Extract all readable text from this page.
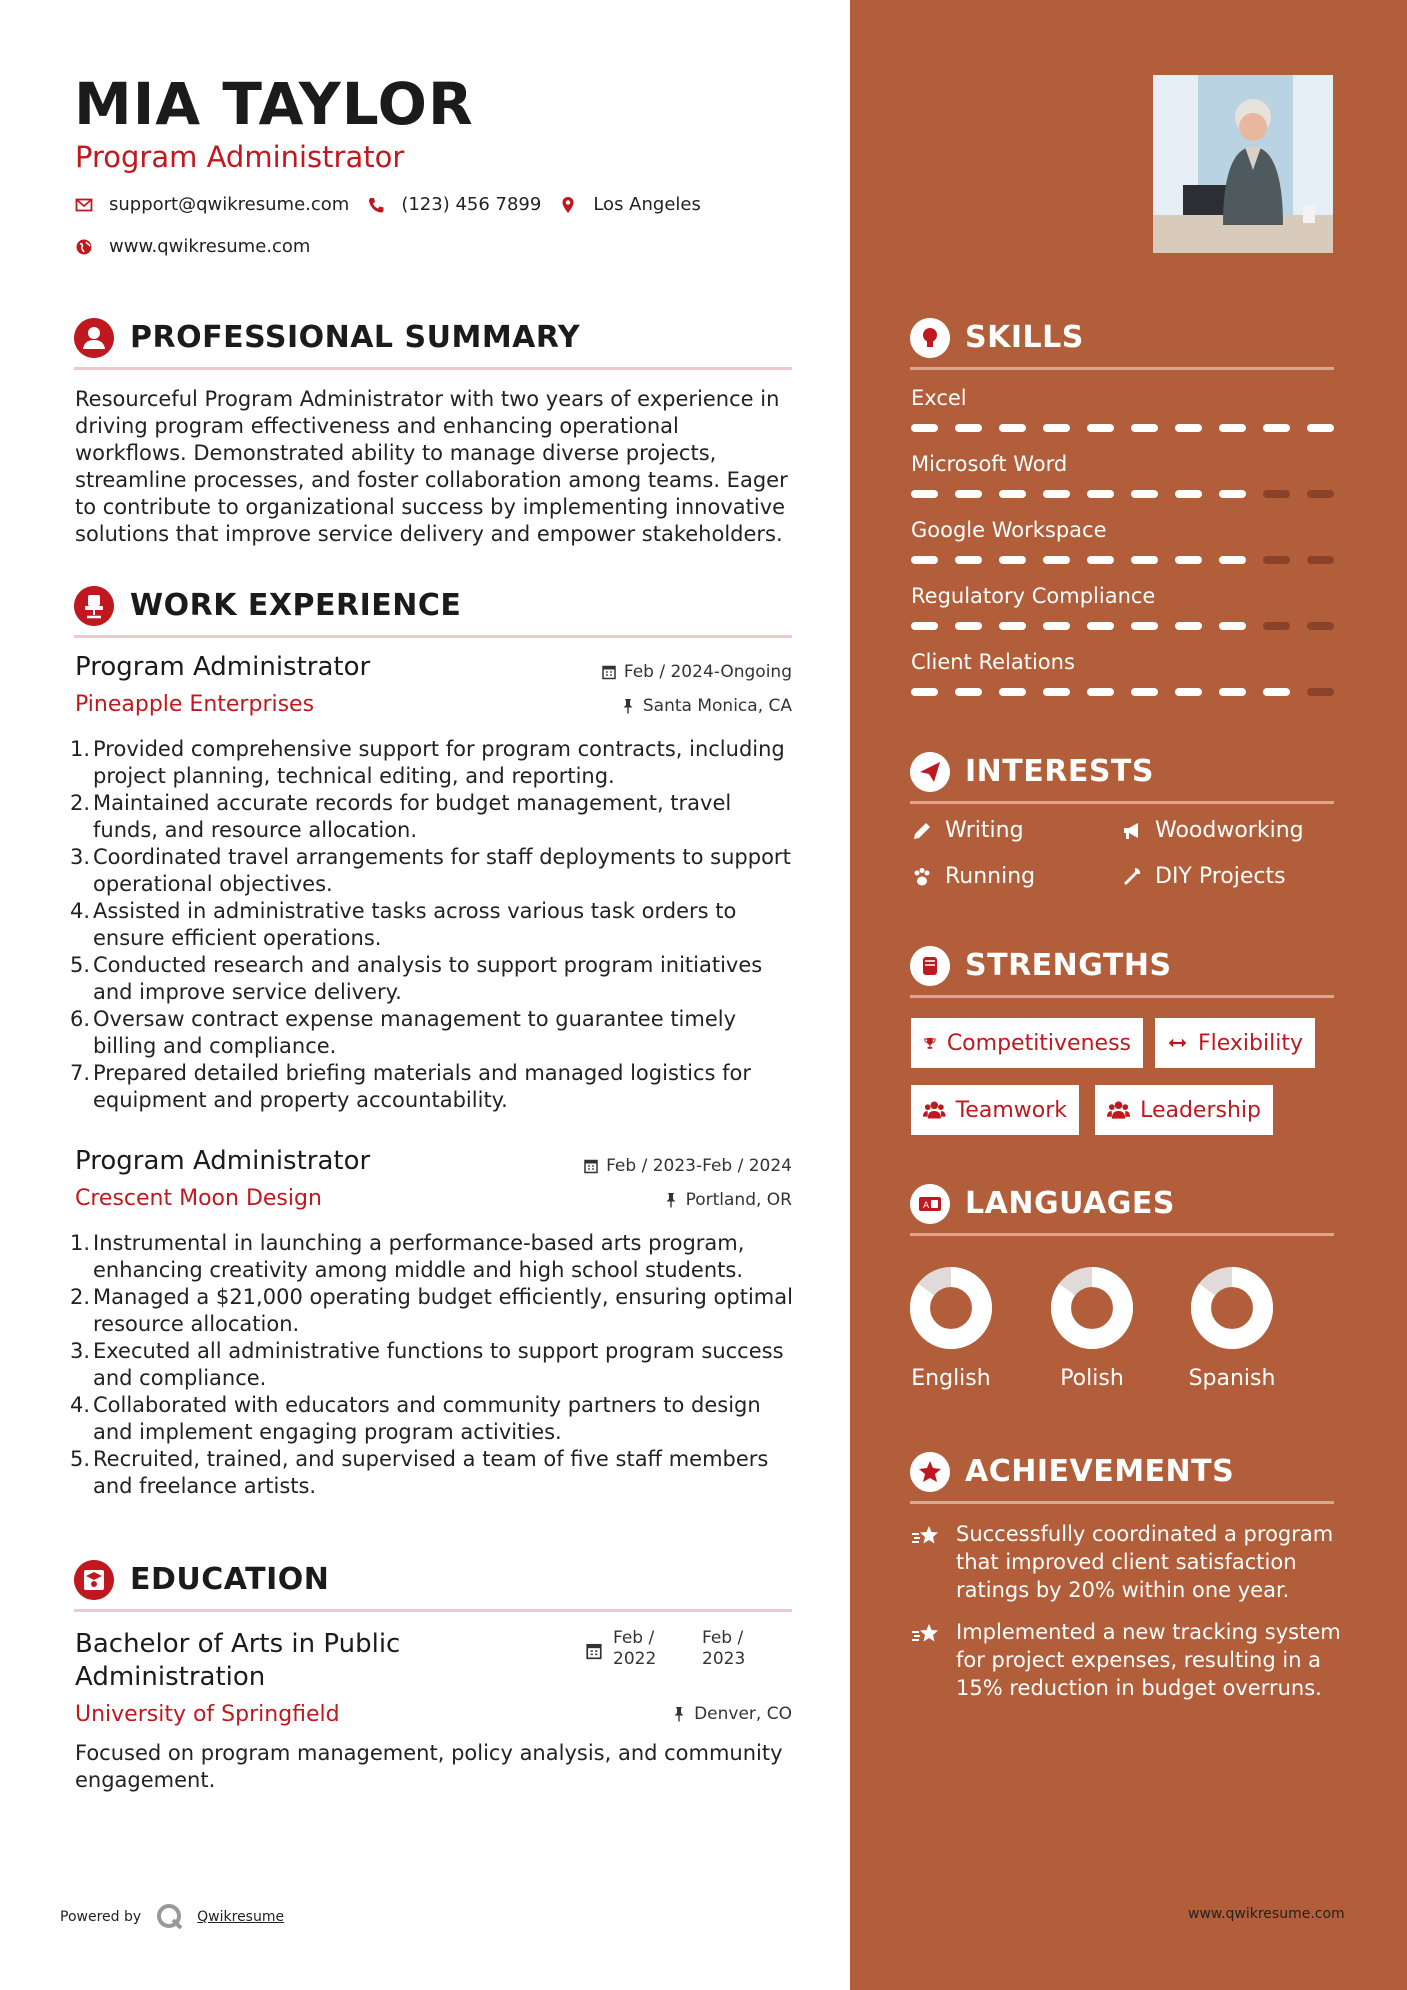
MIA TAYLOR
Program Administrator
support@qwikresume.com	(123) 456 7899	Los Angeles
www.qwikresume.com
PROFESSIONAL SUMMARY
Resourceful Program Administrator with two years of experience in driving program effectiveness and enhancing operational workflows. Demonstrated ability to manage diverse projects, streamline processes, and foster collaboration among teams. Eager to contribute to organizational success by implementing innovative solutions that improve service delivery and empower stakeholders.
WORK EXPERIENCE
Program Administrator
Pineapple Enterprises
Feb / 2024-Ongoing
Santa Monica, CA
1. Provided comprehensive support for program contracts, including project planning, technical editing, and reporting.
2. Maintained accurate records for budget management, travel funds, and resource allocation.
3. Coordinated travel arrangements for staff deployments to support operational objectives.
4. Assisted in administrative tasks across various task orders to ensure efficient operations.
5. Conducted research and analysis to support program initiatives and improve service delivery.
6. Oversaw contract expense management to guarantee timely billing and compliance.
7. Prepared detailed briefing materials and managed logistics for equipment and property accountability.
Program Administrator
Crescent Moon Design
Feb / 2023-Feb / 2024
Portland, OR
1. Instrumental in launching a performance-based arts program, enhancing creativity among middle and high school students.
2. Managed a $21,000 operating budget efficiently, ensuring optimal resource allocation.
3. Executed all administrative functions to support program success and compliance.
4. Collaborated with educators and community partners to design and implement engaging program activities.
5. Recruited, trained, and supervised a team of five staff members and freelance artists.
EDUCATION
Bachelor of Arts in Public
Administration
University of Springfield
Feb / 2022
Feb / 2023
Denver, CO
Focused on program management, policy analysis, and community engagement.
Powered by	Qwikresume
SKILLS
Excel
Microsoft Word
Google Workspace
Regulatory Compliance
Client Relations
INTERESTS
Writing	Woodworking
Running	DIY Projects
STRENGTHS
Competitiveness	Flexibility
Teamwork	Leadership
A LANGUAGES
English	Polish	Spanish
ACHIEVEMENTS
Successfully coordinated a program that improved client satisfaction ratings by 20% within one year.
Implemented a new tracking system for project expenses, resulting in a 15% reduction in budget overruns.
www.qwikresume.com
